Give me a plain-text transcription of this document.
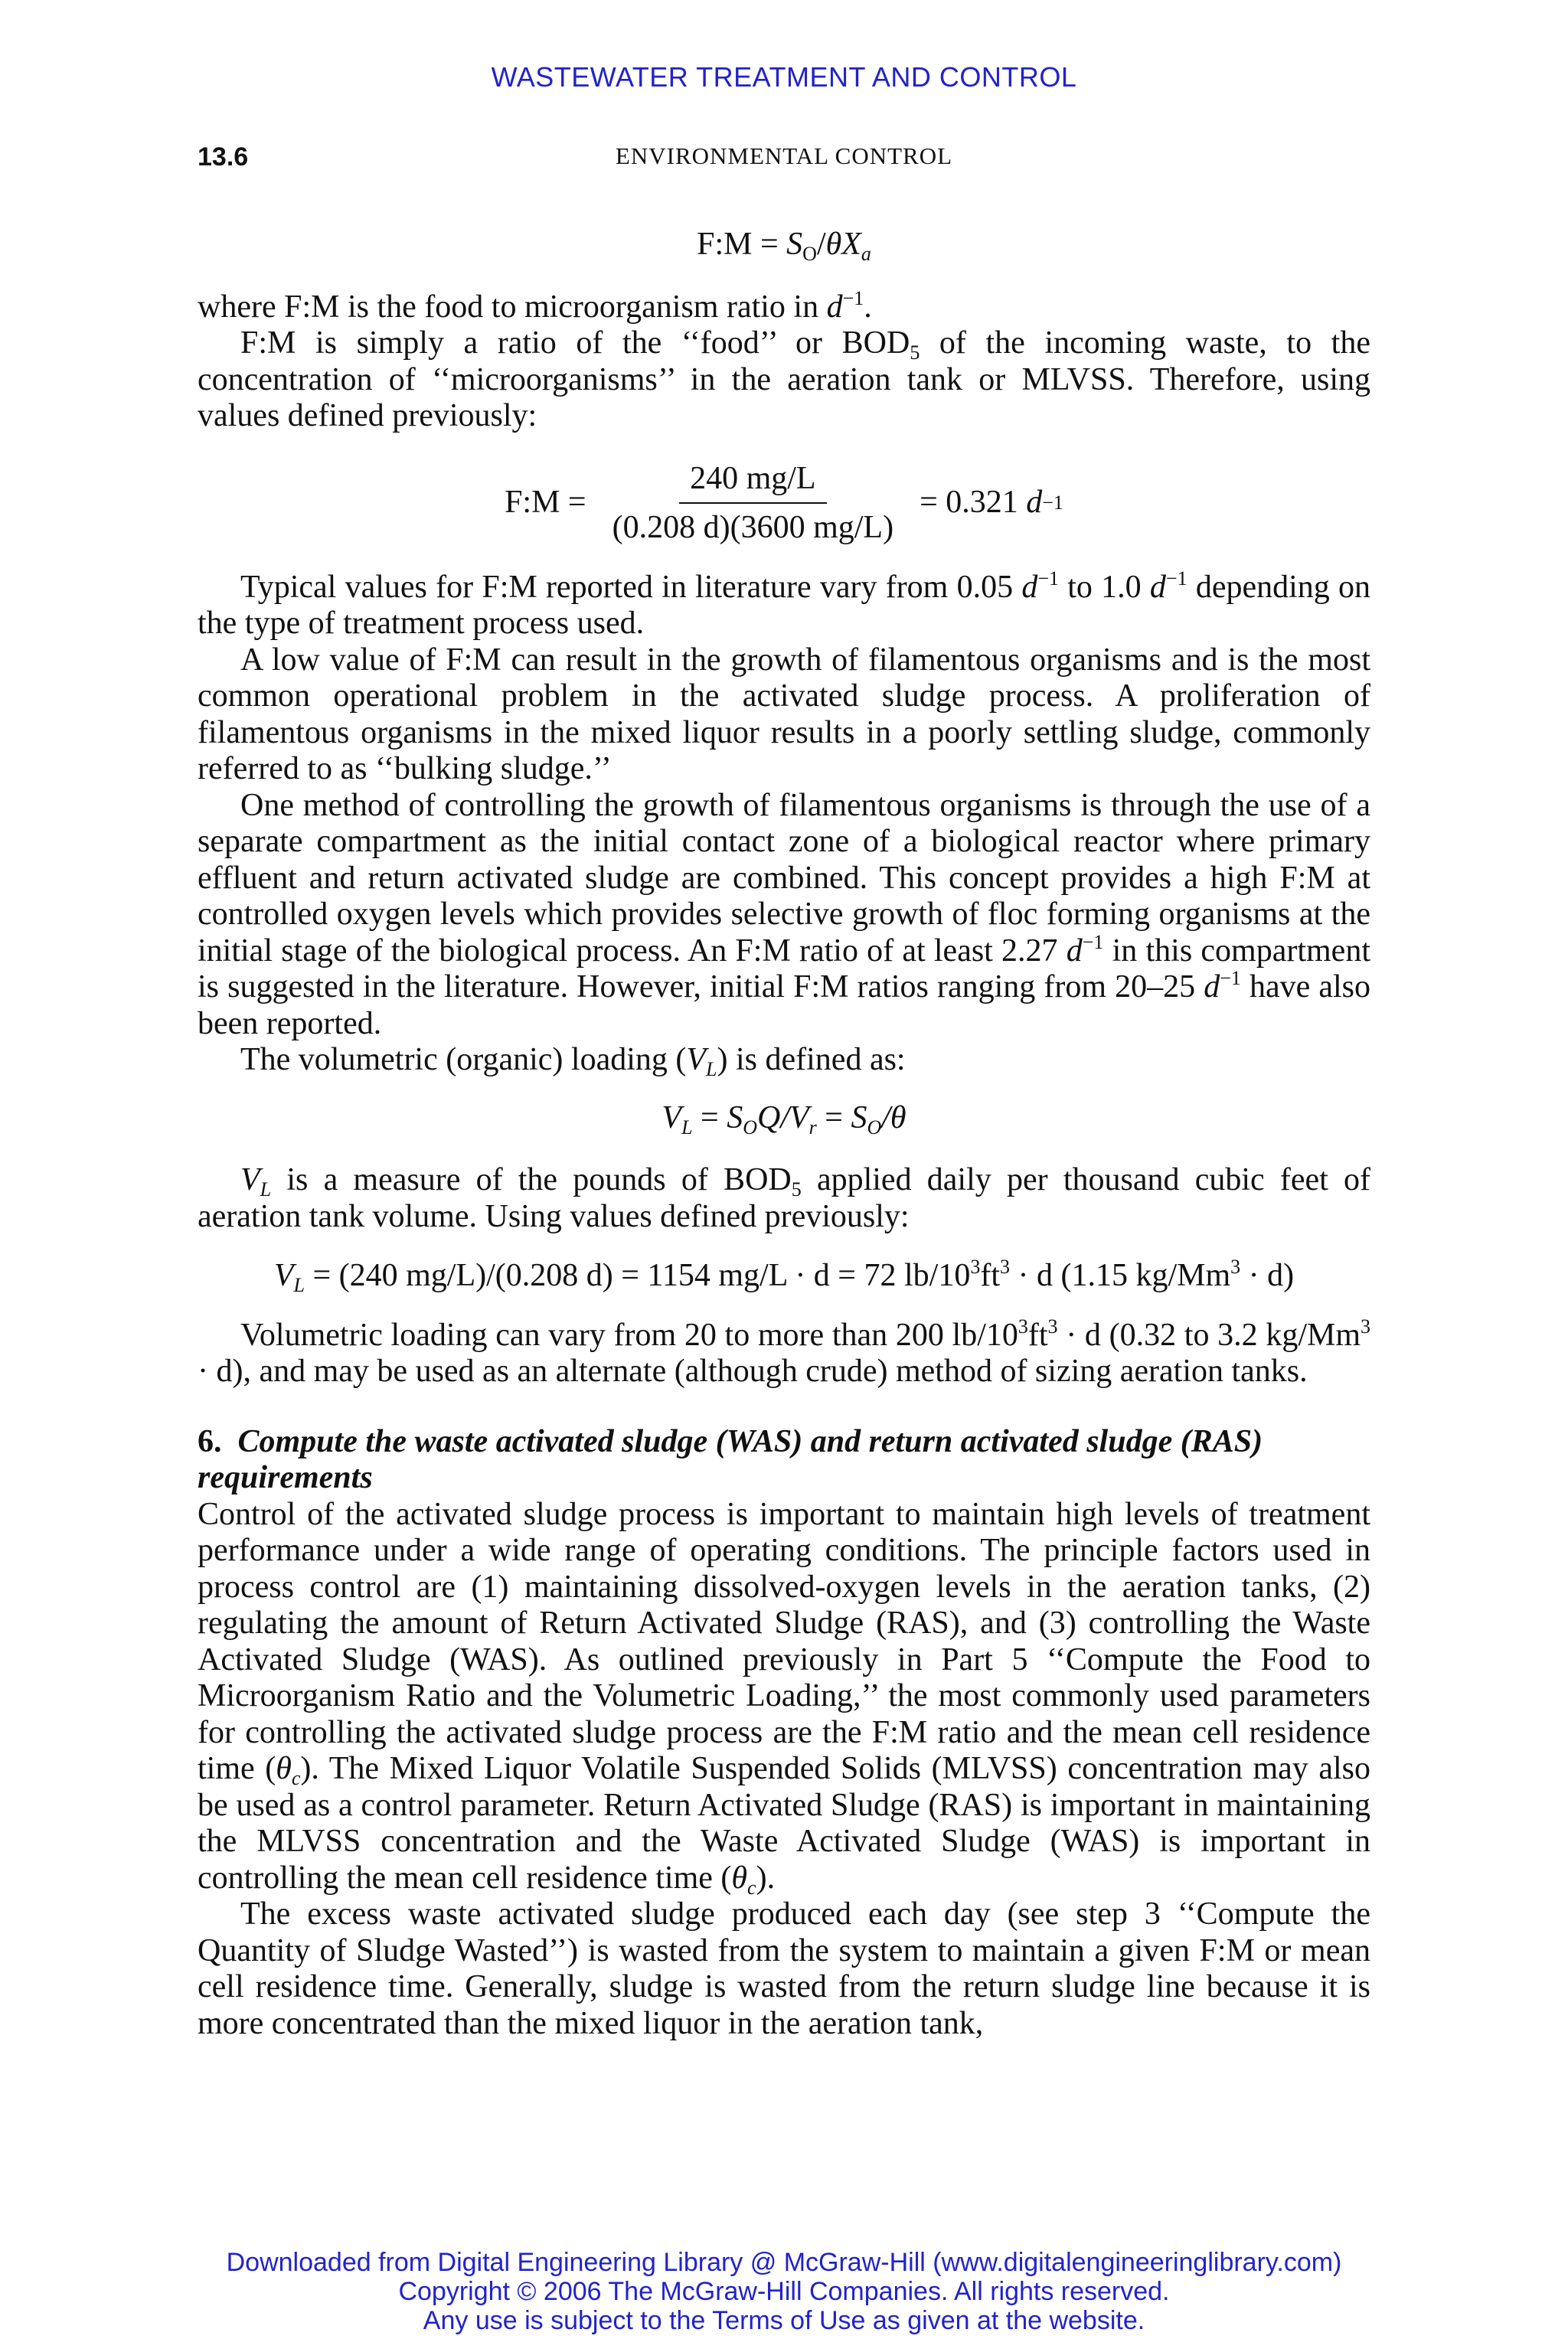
WASTEWATER TREATMENT AND CONTROL
13.6	ENVIRONMENTAL CONTROL
F:M = $S_O/\theta X_a$

where F:M is the food to microorganism ratio in $d^{-1}$.

F:M is simply a ratio of the ‘‘food’’ or $BOD_5$ of the incoming waste, to the concentration of ‘‘microorganisms’’ in the aeration tank or MLVSS. Therefore, using values defined previously:

F:M = $\frac{240 mg/L}{(0.208 d)(3600 mg/L)} = 0.321$
d −1

Typical values for F:M reported in literature vary from 0.05 $d^{-1}$ to 1.0 $d^{-1}$ depending on the type of treatment process used.

A low value of F:M can result in the growth of filamentous organisms and is the most common operational problem in the activated sludge process. A proliferation of filamentous organisms in the mixed liquor results in a poorly settling sludge, commonly referred to as ‘‘bulking sludge.’’

One method of controlling the growth of filamentous organisms is through the use of a separate compartment as the initial contact zone of a biological reactor where primary effluent and return activated sludge are combined. This concept provides a high F:M at controlled oxygen levels which provides selective growth of floc forming organisms at the initial stage of the biological process. An F:M ratio of at least 2.27 $d^{-1}$ in this compartment is suggested in the literature. However, initial F:M ratios ranging from 20–25 $d^{-1}$ have also been reported.

The volumetric (organic) loading $(V_L)$ is defined as:

$V_L = S_OQ/V_r = S_O/\theta$

$V_L$ is a measure of the pounds of $BOD_5$ applied daily per thousand cubic feet of aeration tank volume. Using values defined previously:

$V_L = (240$ mg/L)/(0.208 d) = 1154 mg/L · d = 72 $lb/10^3ft^3 \cdot d$ (1.15 $kg/Mm^3 \cdot d$)

Volumetric loading can vary from 20 to more than 200 $lb/10^3ft^3 \cdot d$ (0.32 to 3.2 $kg/Mm^3 \cdot d$), and may be used as an alternate (although crude) method of sizing aeration tanks.

6. Compute the waste activated sludge (WAS) and return activated sludge (RAS) requirements

Control of the activated sludge process is important to maintain high levels of treatment performance under a wide range of operating conditions. The principle factors used in process control are (1) maintaining dissolved-oxygen levels in the aeration tanks, (2) regulating the amount of Return Activated Sludge (RAS), and (3) controlling the Waste Activated Sludge (WAS). As outlined previously in Part 5 ‘‘Compute the Food to Microorganism Ratio and the Volumetric Loading,’’ the most commonly used parameters for controlling the activated sludge process are the F:M ratio and the mean cell residence time $(\theta_c)$. The Mixed Liquor Volatile Suspended Solids (MLVSS) concentration may also be used as a control parameter. Return Activated Sludge (RAS) is important in maintaining the MLVSS concentration and the Waste Activated Sludge (WAS) is important in controlling the mean cell residence time $(\theta_c)$.

The excess waste activated sludge produced each day (see step 3 ‘‘Compute the Quantity of Sludge Wasted’’) is wasted from the system to maintain a given F:M or mean cell residence time. Generally, sludge is wasted from the return sludge line because it is more concentrated than the mixed liquor in the aeration tank,

Downloaded from Digital Engineering Library @ McGraw-Hill (www.digitalengineeringlibrary.com)
Copyright © 2006 The McGraw-Hill Companies. All rights reserved.
Any use is subject to the Terms of Use as given at the website.
